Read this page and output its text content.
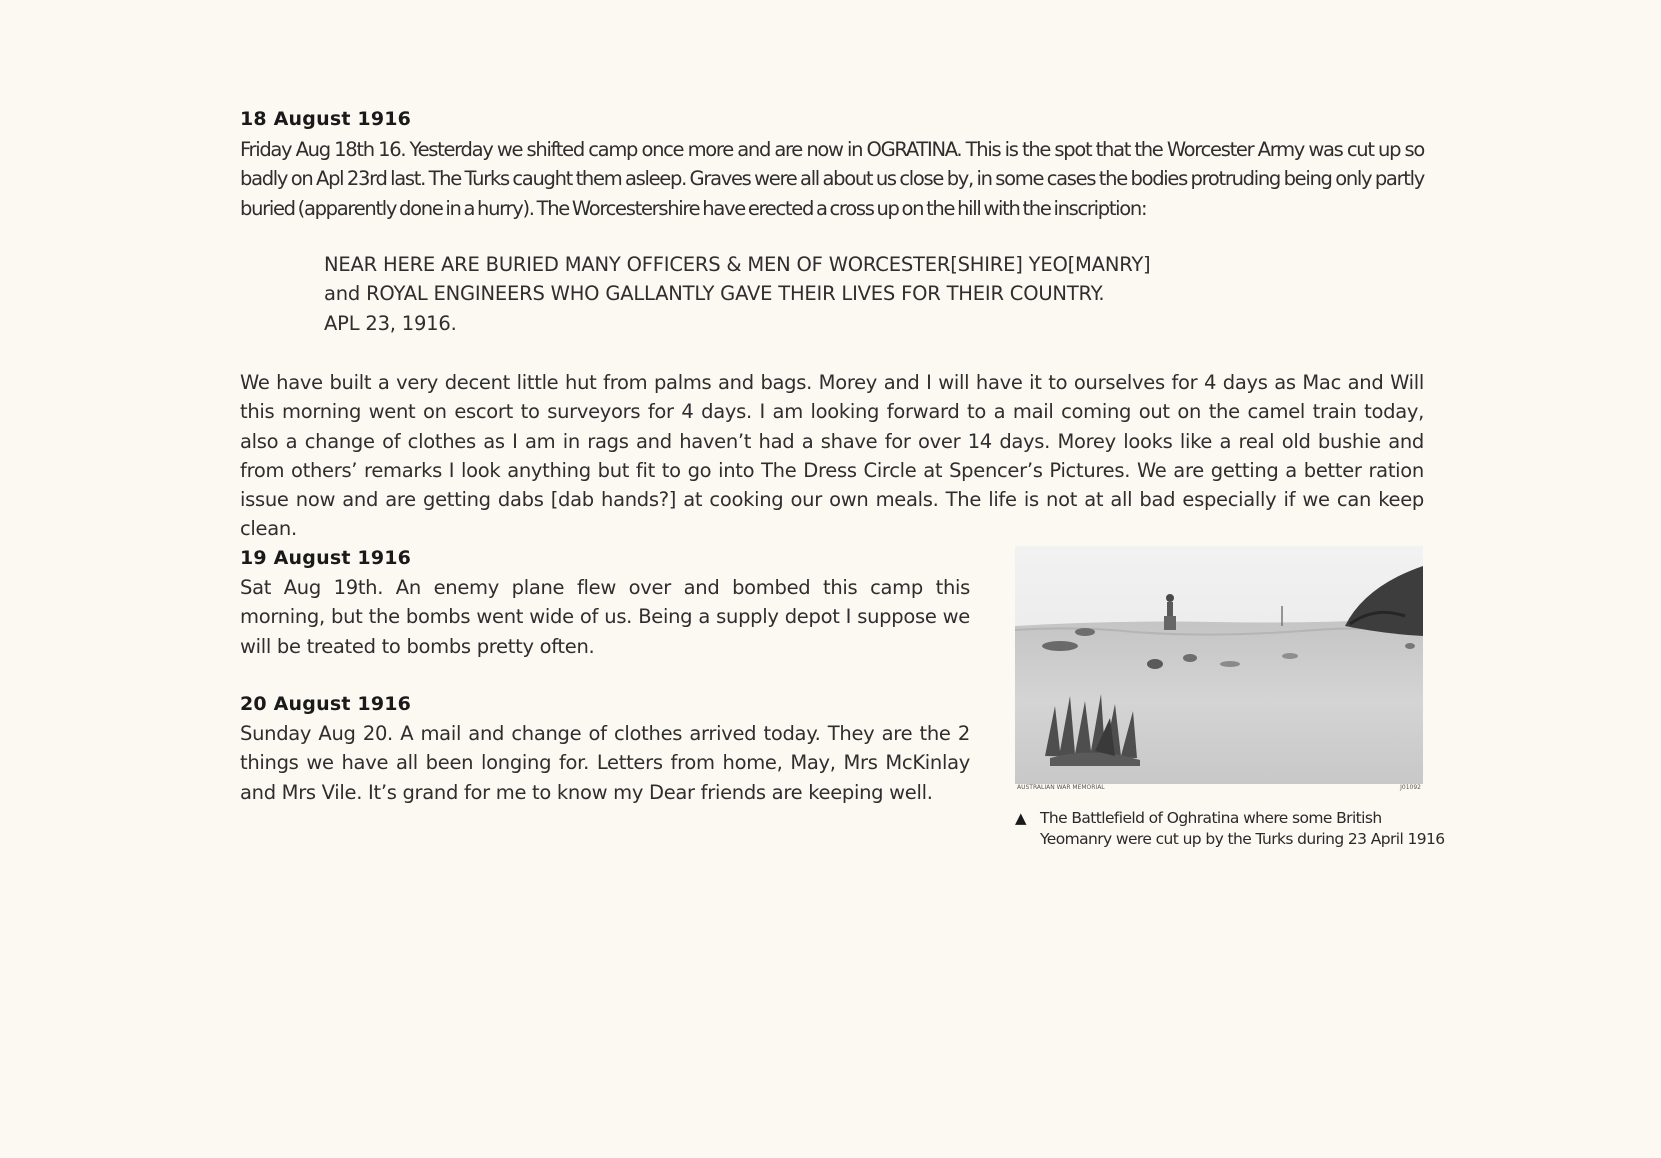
18 August 1916
Friday Aug 18th 16. Yesterday we shifted camp once more and are now in OGRATINA. This is the spot that the Worcester Army was cut up so badly on Apl 23rd last. The Turks caught them asleep. Graves were all about us close by, in some cases the bodies protruding being only partly buried (apparently done in a hurry). The Worcestershire have erected a cross up on the hill with the inscription:
NEAR HERE ARE BURIED MANY OFFICERS & MEN OF WORCESTER[SHIRE] YEO[MANRY]
and ROYAL ENGINEERS WHO GALLANTLY GAVE THEIR LIVES FOR THEIR COUNTRY.
APL 23, 1916.
We have built a very decent little hut from palms and bags. Morey and I will have it to ourselves for 4 days as Mac and Will this morning went on escort to surveyors for 4 days. I am looking forward to a mail coming out on the camel train today, also a change of clothes as I am in rags and haven’t had a shave for over 14 days. Morey looks like a real old bushie and from others’ remarks I look anything but fit to go into The Dress Circle at Spencer’s Pictures. We are getting a better ration issue now and are getting dabs [dab hands?] at cooking our own meals. The life is not at all bad especially if we can keep clean.
19 August 1916
Sat Aug 19th. An enemy plane flew over and bombed this camp this morning, but the bombs went wide of us. Being a supply depot I suppose we will be treated to bombs pretty often.
20 August 1916
Sunday Aug 20. A mail and change of clothes arrived today. They are the 2 things we have all been longing for. Letters from home, May, Mrs McKinlay and Mrs Vile. It’s grand for me to know my Dear friends are keeping well.	AUSTRALIAN WAR MEMORIAL	J01092
▲ The Battlefield of Oghratina where some British
Yeomanry were cut up by the Turks during 23 April 1916
